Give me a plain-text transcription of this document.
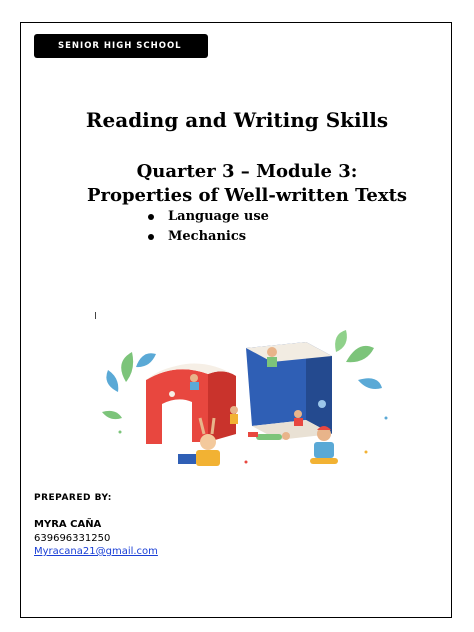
SENIOR HIGH SCHOOL
Reading and Writing Skills
Quarter 3 – Module 3:
Properties of Well-written Texts
Language use
Mechanics
PREPARED BY:
MYRA CAÑA
639696331250
Myracana21@gmail.com
